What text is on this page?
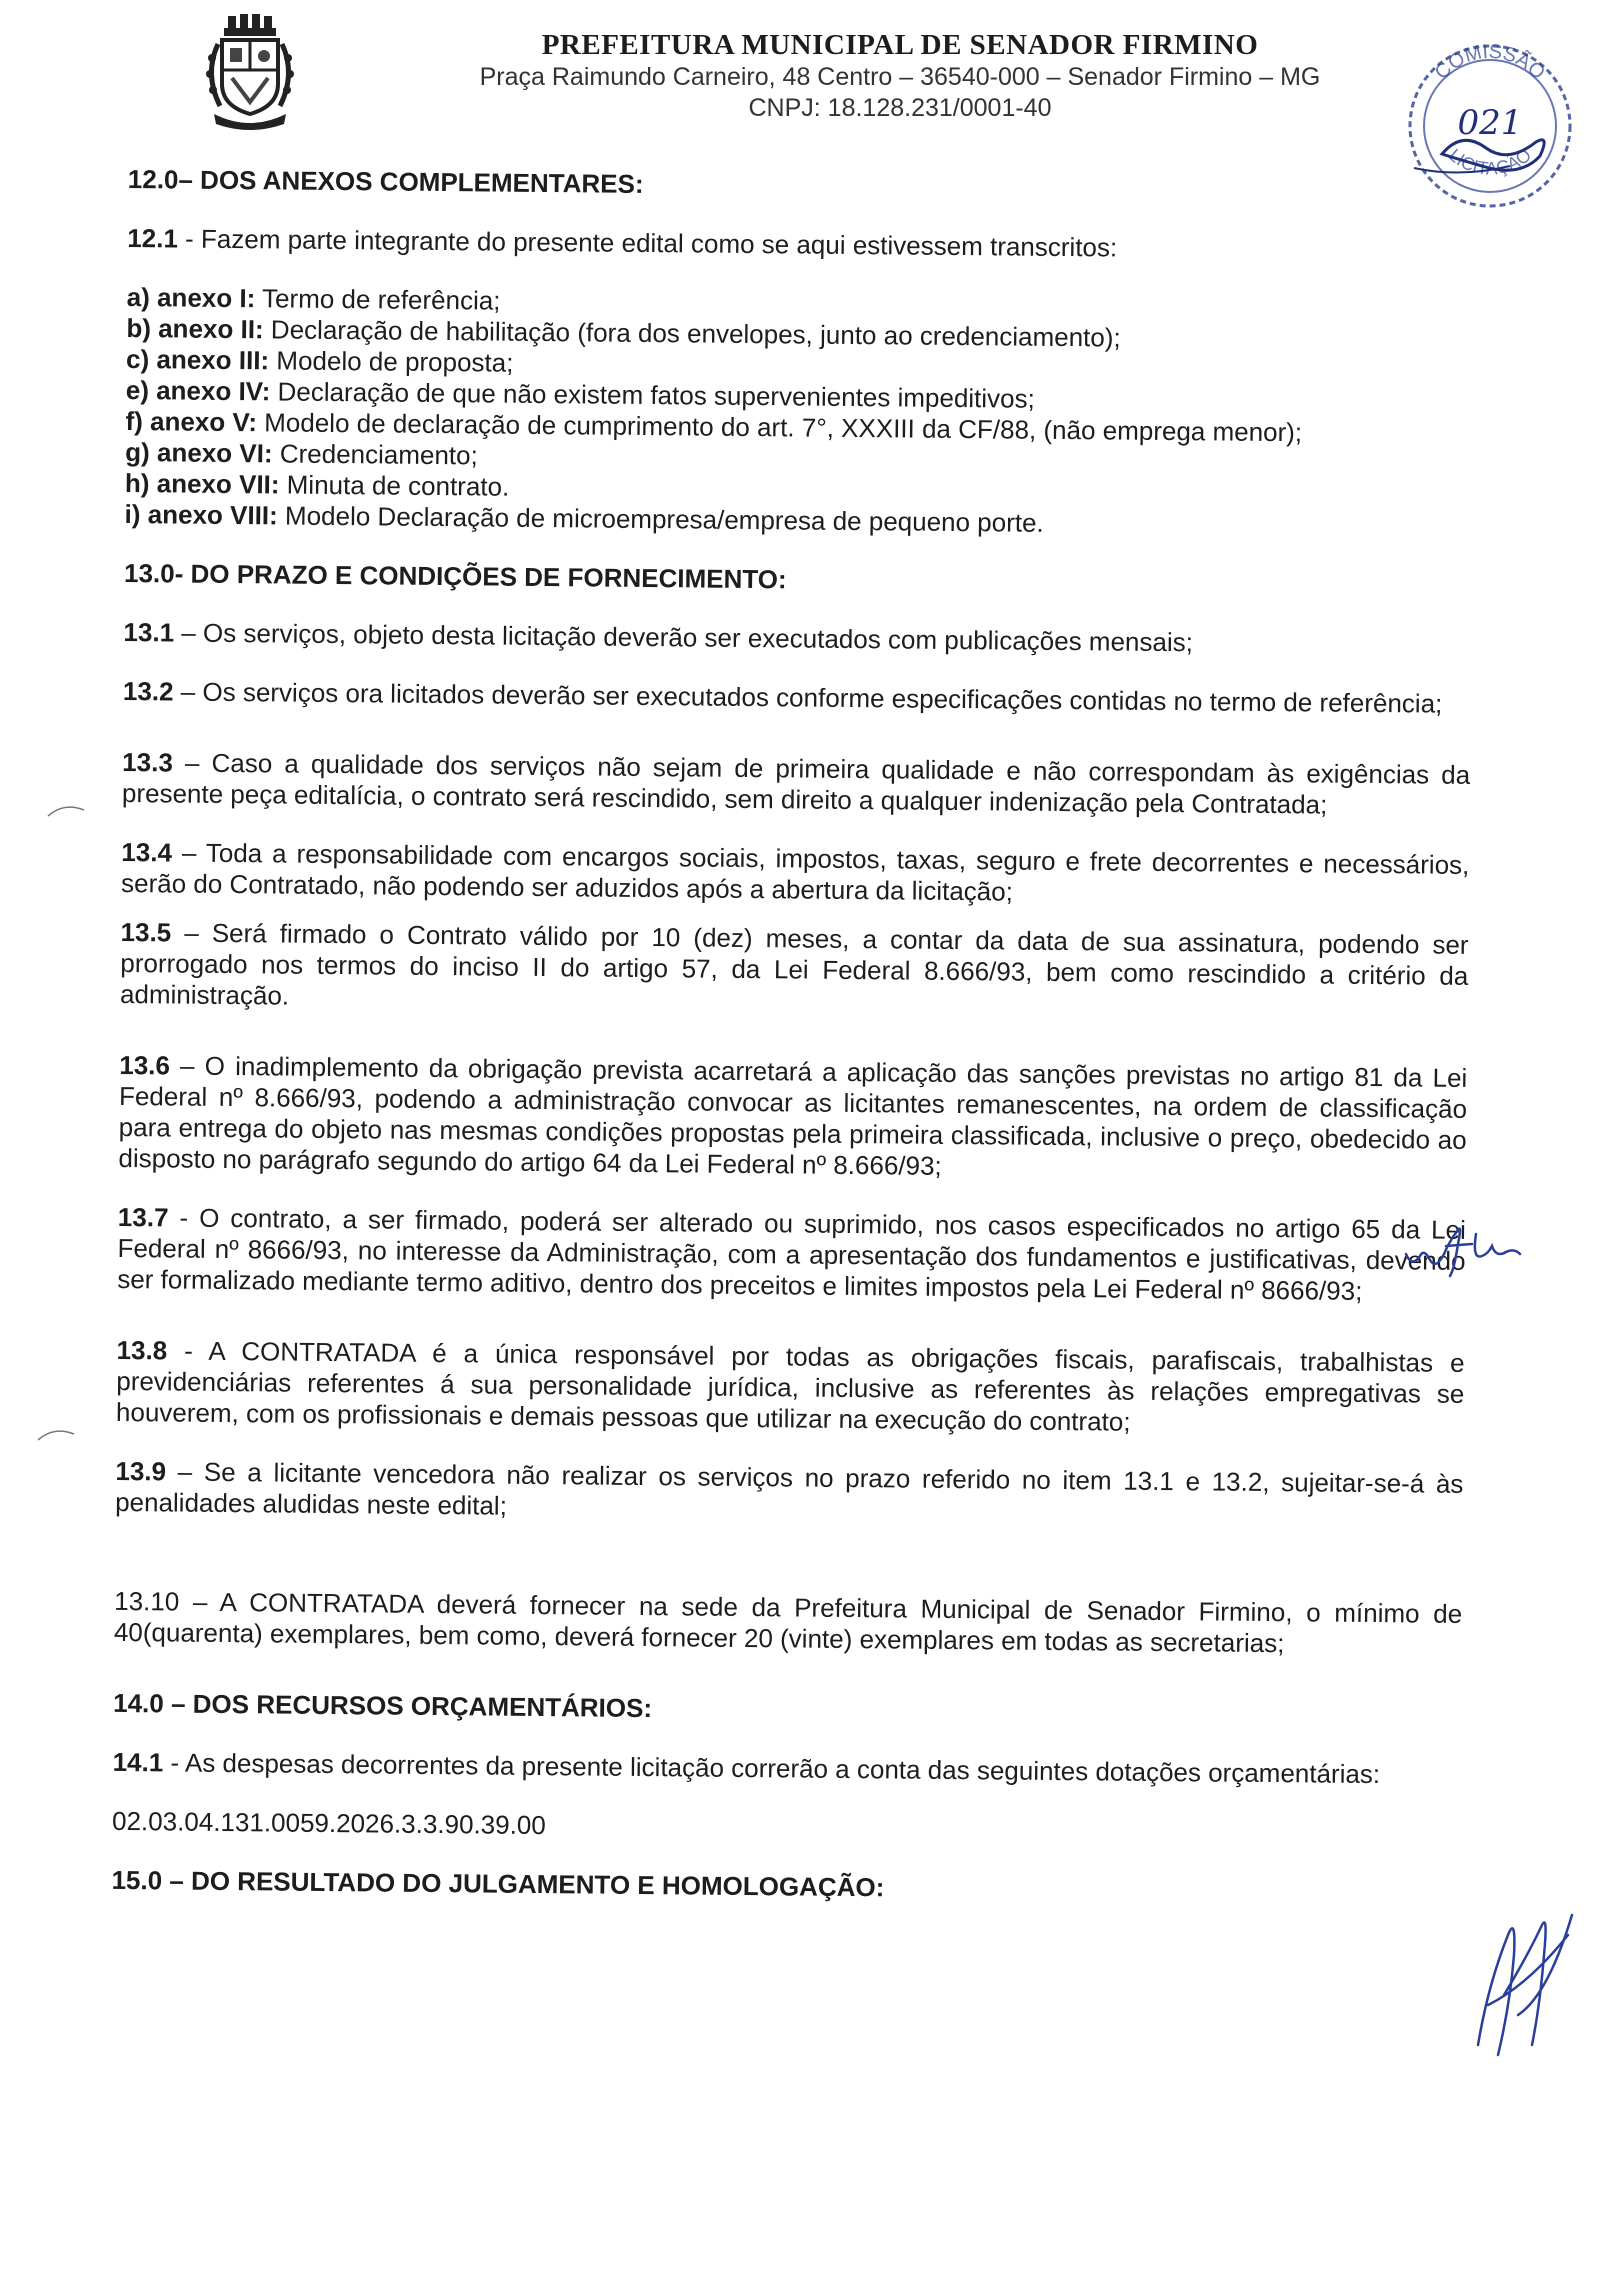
PREFEITURA MUNICIPAL DE SENADOR FIRMINO
Praça Raimundo Carneiro, 48 Centro – 36540-000 – Senador Firmino – MG
CNPJ: 18.128.231/0001-40
COMISSÃO
LICITAÇÃO
021
12.0– DOS ANEXOS COMPLEMENTARES:
12.1 - Fazem parte integrante do presente edital como se aqui estivessem transcritos:
a) anexo I: Termo de referência;
b) anexo II: Declaração de habilitação (fora dos envelopes, junto ao credenciamento);
c) anexo III: Modelo de proposta;
e) anexo IV: Declaração de que não existem fatos supervenientes impeditivos;
f) anexo V: Modelo de declaração de cumprimento do art. 7°, XXXIII da CF/88, (não emprega menor);
g) anexo VI: Credenciamento;
h) anexo VII: Minuta de contrato.
i) anexo VIII: Modelo Declaração de microempresa/empresa de pequeno porte.
13.0- DO PRAZO E CONDIÇÕES DE FORNECIMENTO:
13.1 – Os serviços, objeto desta licitação deverão ser executados com publicações mensais;
13.2 – Os serviços ora licitados deverão ser executados conforme especificações contidas no termo de referência;
13.3 – Caso a qualidade dos serviços não sejam de primeira qualidade e não correspondam às exigências da presente peça editalícia, o contrato será rescindido, sem direito a qualquer indenização pela Contratada;
13.4 – Toda a responsabilidade com encargos sociais, impostos, taxas, seguro e frete decorrentes e necessários, serão do Contratado, não podendo ser aduzidos após a abertura da licitação;
13.5 – Será firmado o Contrato válido por 10 (dez) meses, a contar da data de sua assinatura, podendo ser prorrogado nos termos do inciso II do artigo 57, da Lei Federal 8.666/93, bem como rescindido a critério da administração.
13.6 – O inadimplemento da obrigação prevista acarretará a aplicação das sanções previstas no artigo 81 da Lei Federal nº 8.666/93, podendo a administração convocar as licitantes remanescentes, na ordem de classificação para entrega do objeto nas mesmas condições propostas pela primeira classificada, inclusive o preço, obedecido ao disposto no parágrafo segundo do artigo 64 da Lei Federal nº 8.666/93;
13.7 - O contrato, a ser firmado, poderá ser alterado ou suprimido, nos casos especificados no artigo 65 da Lei Federal nº 8666/93, no interesse da Administração, com a apresentação dos fundamentos e justificativas, devendo ser formalizado mediante termo aditivo, dentro dos preceitos e limites impostos pela Lei Federal nº 8666/93;
13.8 - A CONTRATADA é a única responsável por todas as obrigações fiscais, parafiscais, trabalhistas e previdenciárias referentes á sua personalidade jurídica, inclusive as referentes às relações empregativas se houverem, com os profissionais e demais pessoas que utilizar na execução do contrato;
13.9 – Se a licitante vencedora não realizar os serviços no prazo referido no item 13.1 e 13.2, sujeitar-se-á às penalidades aludidas neste edital;
13.10 – A CONTRATADA deverá fornecer na sede da Prefeitura Municipal de Senador Firmino, o mínimo de 40(quarenta) exemplares, bem como, deverá fornecer 20 (vinte) exemplares em todas as secretarias;
14.0 – DOS RECURSOS ORÇAMENTÁRIOS:
14.1 - As despesas decorrentes da presente licitação correrão a conta das seguintes dotações orçamentárias:
02.03.04.131.0059.2026.3.3.90.39.00
15.0 – DO RESULTADO DO JULGAMENTO E HOMOLOGAÇÃO:
